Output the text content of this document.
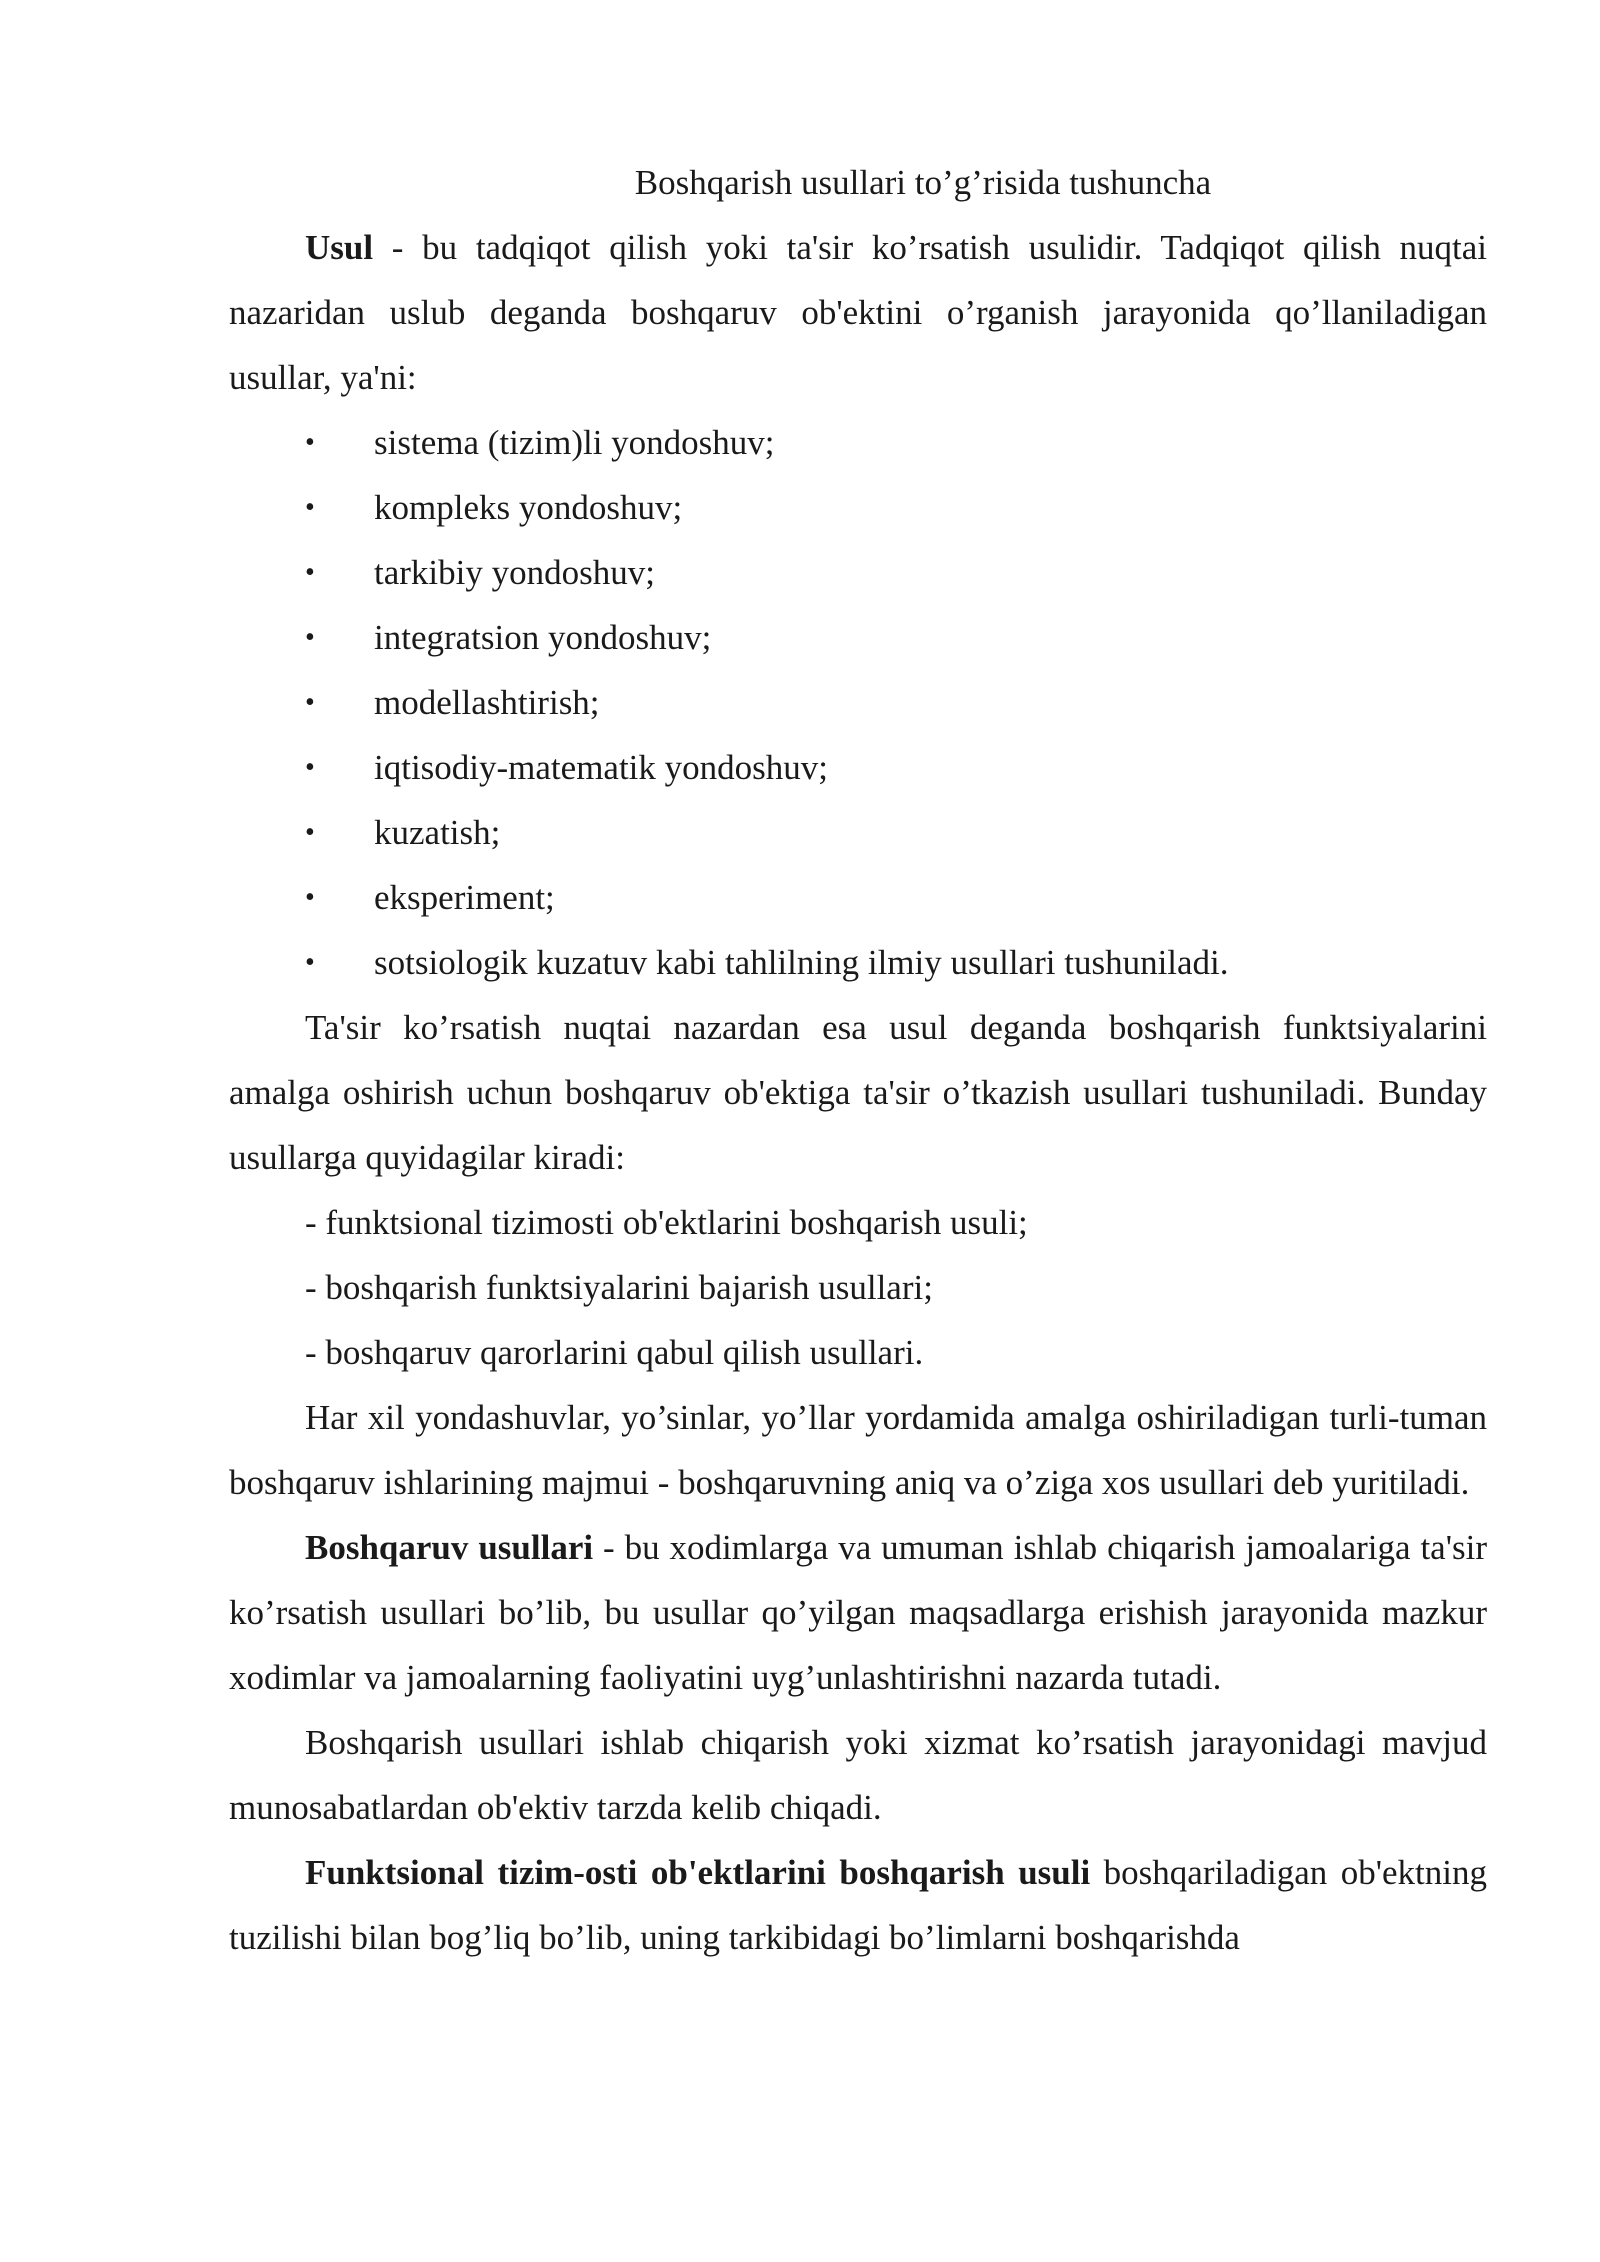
Boshqarish usullari to’g’risida tushuncha

Usul - bu tadqiqot qilish yoki ta'sir ko’rsatish usulidir. Tadqiqot qilish nuqtai nazaridan uslub deganda boshqaruv ob'ektini o’rganish jarayonida qo’llaniladigan usullar, ya'ni:

• sistema (tizim)li yondoshuv;
• kompleks yondoshuv;
• tarkibiy yondoshuv;
• integratsion yondoshuv;
• modellashtirish;
• iqtisodiy-matematik yondoshuv;
• kuzatish;
• eksperiment;
• sotsiologik kuzatuv kabi tahlilning ilmiy usullari tushuniladi.

Ta'sir ko’rsatish nuqtai nazardan esa usul deganda boshqarish funktsiyalarini amalga oshirish uchun boshqaruv ob'ektiga ta'sir o’tkazish usullari tushuniladi. Bunday usullarga quyidagilar kiradi:

- funktsional tizimosti ob'ektlarini boshqarish usuli;

- boshqarish funktsiyalarini bajarish usullari;

- boshqaruv qarorlarini qabul qilish usullari.

Har xil yondashuvlar, yo’sinlar, yo’llar yordamida amalga oshiriladigan turli-tuman boshqaruv ishlarining majmui - boshqaruvning aniq va o’ziga xos usullari deb yuritiladi.

Boshqaruv usullari - bu xodimlarga va umuman ishlab chiqarish jamoalariga ta'sir ko’rsatish usullari bo’lib, bu usullar qo’yilgan maqsadlarga erishish jarayonida mazkur xodimlar va jamoalarning faoliyatini uyg’unlashtirishni nazarda tutadi.

Boshqarish usullari ishlab chiqarish yoki xizmat ko’rsatish jarayonidagi mavjud munosabatlardan ob'ektiv tarzda kelib chiqadi.

Funktsional tizim-osti ob'ektlarini boshqarish usuli boshqariladigan ob'ektning tuzilishi bilan bog’liq bo’lib, uning tarkibidagi bo’limlarni boshqarishda
